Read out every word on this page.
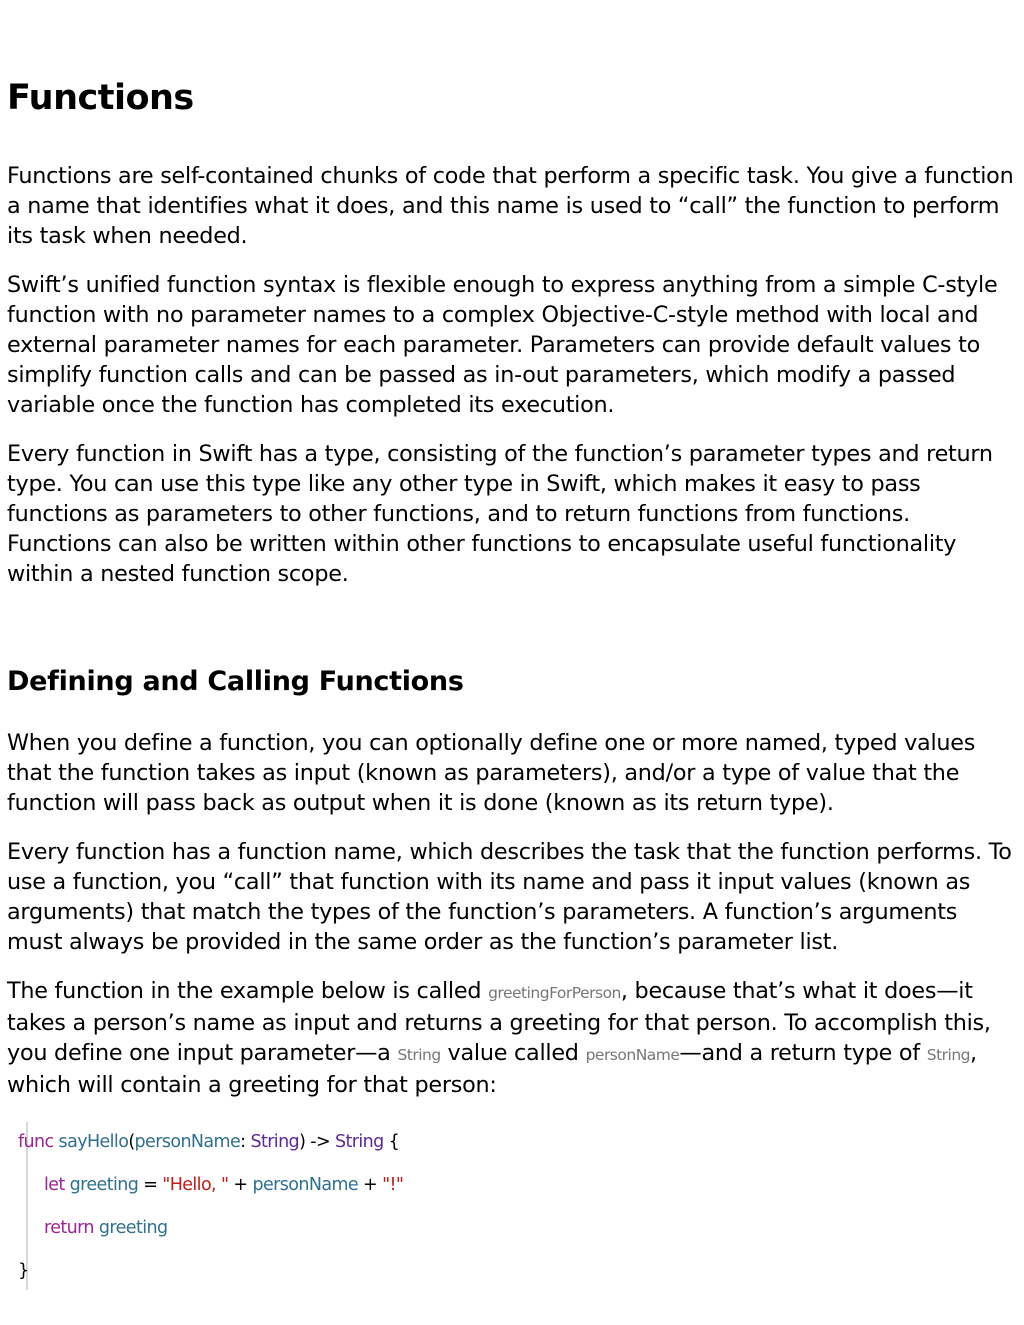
Functions

Functions are self-contained chunks of code that perform a specific task. You give a function a name that identifies what it does, and this name is used to “call” the function to perform its task when needed.

Swift’s unified function syntax is flexible enough to express anything from a simple C-style function with no parameter names to a complex Objective-C-style method with local and external parameter names for each parameter. Parameters can provide default values to simplify function calls and can be passed as in-out parameters, which modify a passed variable once the function has completed its execution.

Every function in Swift has a type, consisting of the function’s parameter types and return type. You can use this type like any other type in Swift, which makes it easy to pass functions as parameters to other functions, and to return functions from functions. Functions can also be written within other functions to encapsulate useful functionality within a nested function scope.

Defining and Calling Functions

When you define a function, you can optionally define one or more named, typed values that the function takes as input (known as parameters), and/or a type of value that the function will pass back as output when it is done (known as its return type).

Every function has a function name, which describes the task that the function performs. To use a function, you “call” that function with its name and pass it input values (known as arguments) that match the types of the function’s parameters. A function’s arguments must always be provided in the same order as the function’s parameter list.

The function in the example below is called greetingForPerson, because that’s what it does—it takes a person’s name as input and returns a greeting for that person. To accomplish this, you define one input parameter—a String value called personName—and a return type of String, which will contain a greeting for that person:

func sayHello(personName: String) -> String {
let greeting = "Hello, " + personName + "!"
return greeting
}
